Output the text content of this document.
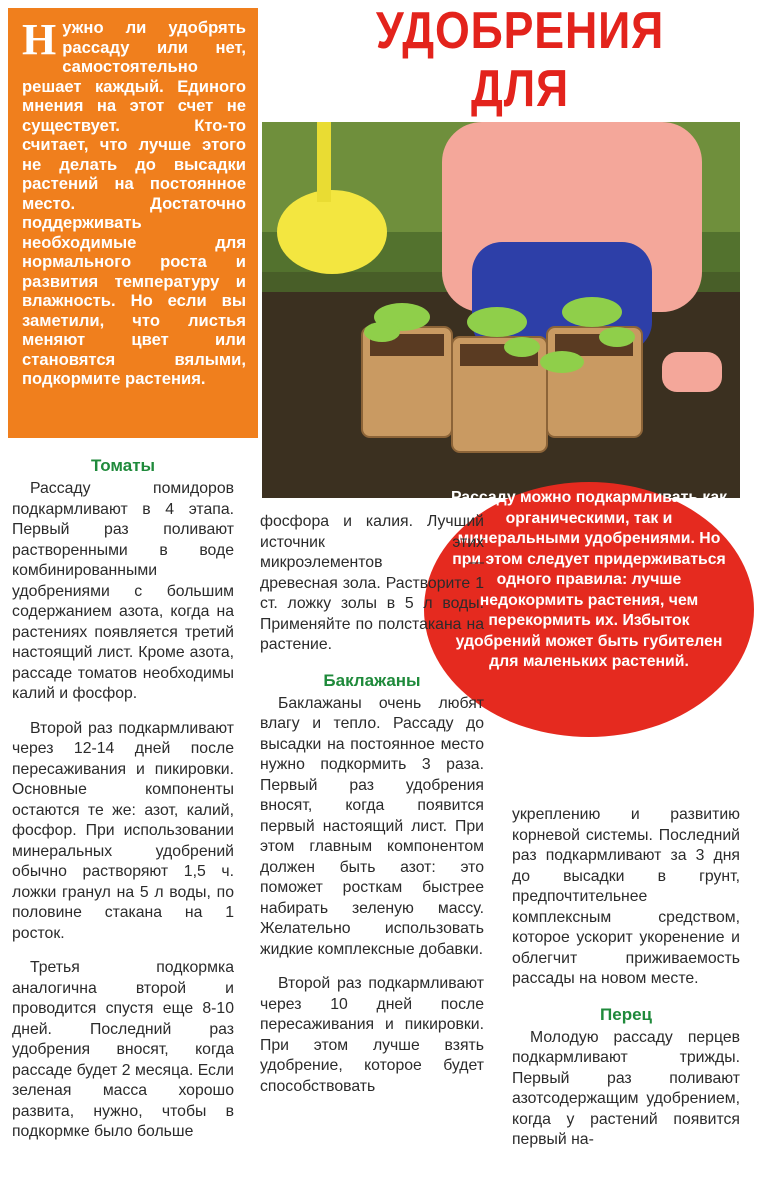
УДОБРЕНИЯ
ДЛЯ
Н ужно ли удобрять рассаду или нет, самостоятельно решает каждый. Единого мнения на этот счет не существует. Кто-то считает, что лучше этого не делать до высадки растений на постоянное место. Достаточно поддерживать необходимые для нормального роста и развития температуру и влажность. Но если вы заметили, что листья меняют цвет или становятся вялыми, подкормите растения.
Рассаду можно подкармливать как органическими, так и минеральными удобрениями. Но при этом следует придерживаться одного правила: лучше недокормить растения, чем перекормить их. Избыток удобрений может быть губителен для маленьких растений.
Томаты

Рассаду помидоров подкармливают в 4 этапа. Первый раз поливают растворенными в воде комбинированными удобрениями с большим содержанием азота, когда на растениях появляется третий настоящий лист. Кроме азота, рассаде томатов необходимы калий и фосфор.

Второй раз подкармливают через 12-14 дней после пересаживания и пикировки. Основные компоненты остаются те же: азот, калий, фосфор. При использовании минеральных удобрений обычно растворяют 1,5 ч. ложки гранул на 5 л воды, по половине стакана на 1 росток.

Третья подкормка аналогична второй и проводится спустя еще 8-10 дней. Последний раз удобрения вносят, когда рассаде будет 2 месяца. Если зеленая масса хорошо развита, нужно, чтобы в подкормке было больше

фосфора и калия. Лучший источник этих микроэлементов — древесная зола. Растворите 1 ст. ложку золы в 5 л воды. Применяйте по полстакана на растение.

Баклажаны

Баклажаны очень любят влагу и тепло. Рассаду до высадки на постоянное место нужно подкормить 3 раза. Первый раз удобрения вносят, когда появится первый настоящий лист. При этом главным компонентом должен быть азот: это поможет росткам быстрее набирать зеленую массу. Желательно использовать жидкие комплексные добавки.

Второй раз подкармливают через 10 дней после пересаживания и пикировки. При этом лучше взять удобрение, которое будет способствовать

укреплению и развитию корневой системы. Последний раз подкармливают за 3 дня до высадки в грунт, предпочтительнее комплексным средством, которое ускорит укоренение и облегчит приживаемость рассады на новом месте.

Перец

Молодую рассаду перцев подкармливают трижды. Первый раз поливают азотсодержащим удобрением, когда у растений появится первый на-
